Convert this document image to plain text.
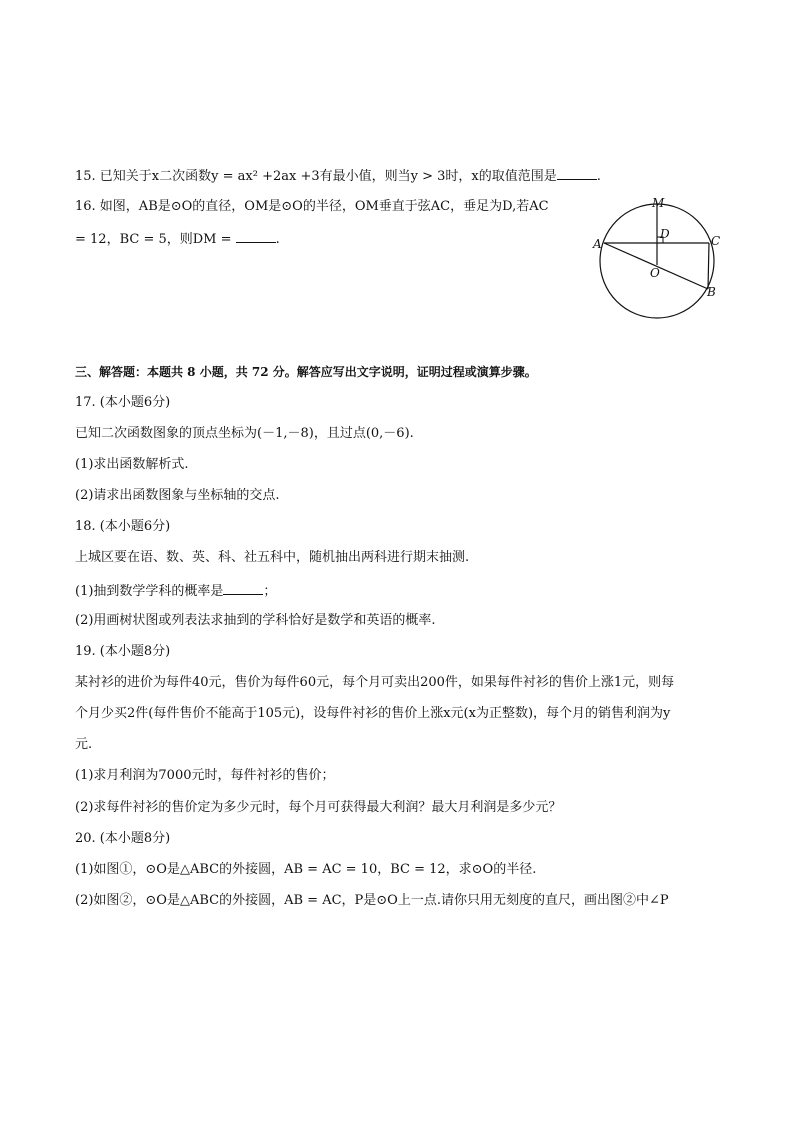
15. 已知关于x二次函数y = ax² +2ax +3有最小值，则当y > 3时，x的取值范围是	.
16. 如图，AB是⊙O的直径，OM是⊙O的半径，OM垂直于弦AC，垂足为D,若AC
= 12，BC = 5，则DM =	.
M
D
A	C
O
B
三、解答题：本题共 8 小题，共 72 分。解答应写出文字说明，证明过程或演算步骤。
17. (本小题6分)
已知二次函数图象的顶点坐标为(－1,－8)，且过点(0,－6).
(1)求出函数解析式.
(2)请求出函数图象与坐标轴的交点.
18. (本小题6分)
上城区要在语、数、英、科、社五科中，随机抽出两科进行期末抽测.
(1)抽到数学学科的概率是	；
(2)用画树状图或列表法求抽到的学科恰好是数学和英语的概率.
19. (本小题8分)
某衬衫的进价为每件40元，售价为每件60元，每个月可卖出200件，如果每件衬衫的售价上涨1元，则每
个月少买2件(每件售价不能高于105元)，设每件衬衫的售价上涨x元(x为正整数)，每个月的销售利润为y
元.
(1)求月利润为7000元时，每件衬衫的售价；
(2)求每件衬衫的售价定为多少元时，每个月可获得最大利润？最大月利润是多少元？
20. (本小题8分)
(1)如图①，⊙O是△ABC的外接圆，AB = AC = 10，BC = 12，求⊙O的半径.
(2)如图②，⊙O是△ABC的外接圆，AB = AC，P是⊙O上一点.请你只用无刻度的直尺，画出图②中∠P
